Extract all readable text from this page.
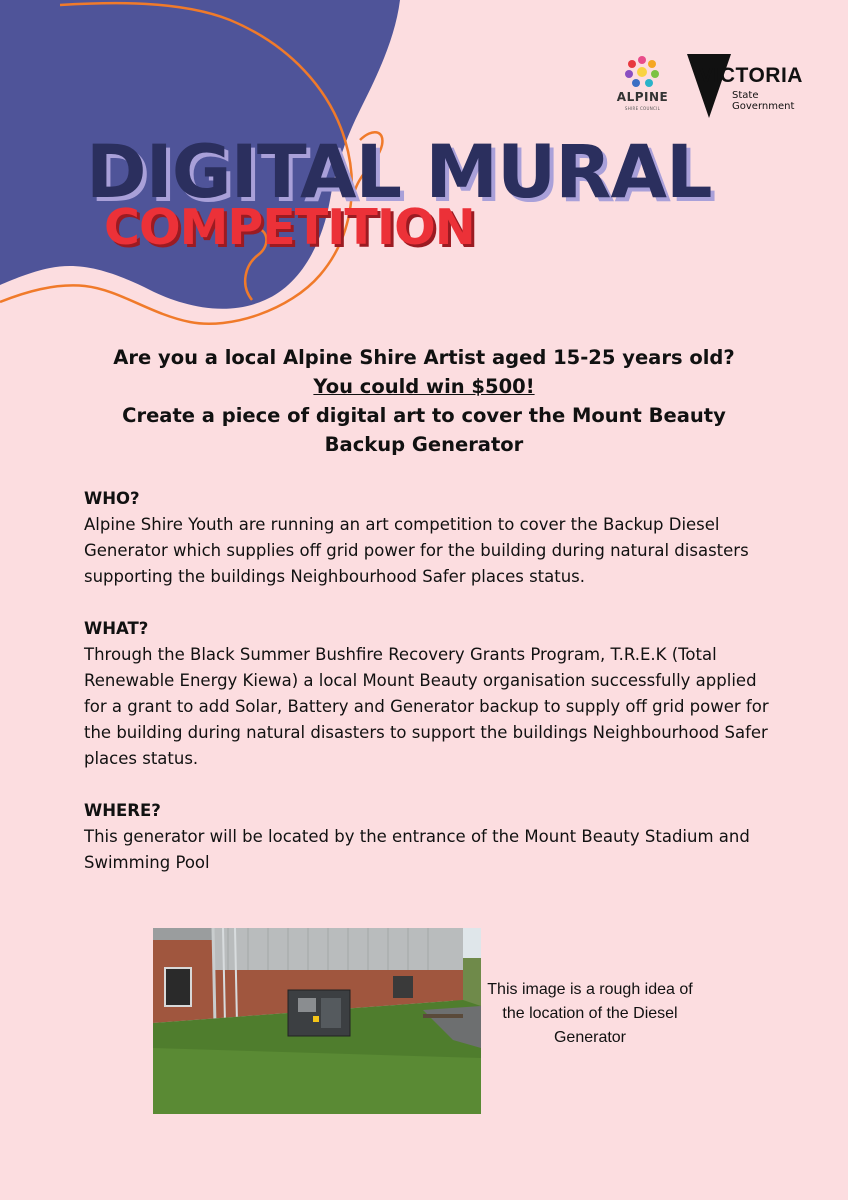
ALPINE
SHIRE COUNCIL
VICTORIA
State
Government
DIGITAL MURAL
COMPETITION
Are you a local Alpine Shire Artist aged 15-25 years old?
You could win $500!
Create a piece of digital art to cover the Mount Beauty
Backup Generator
WHO?
Alpine Shire Youth are running an art competition to cover the Backup Diesel Generator which supplies off grid power for the building during natural disasters supporting the buildings Neighbourhood Safer places status.
WHAT?
Through the Black Summer Bushfire Recovery Grants Program, T.R.E.K (Total Renewable Energy Kiewa) a local Mount Beauty organisation successfully applied for a grant to add Solar, Battery and Generator backup to supply off grid power for the building during natural disasters to support the buildings Neighbourhood Safer places status.
WHERE?
This generator will be located by the entrance of the Mount Beauty Stadium and Swimming Pool
This image is a rough idea of the location of the Diesel Generator
